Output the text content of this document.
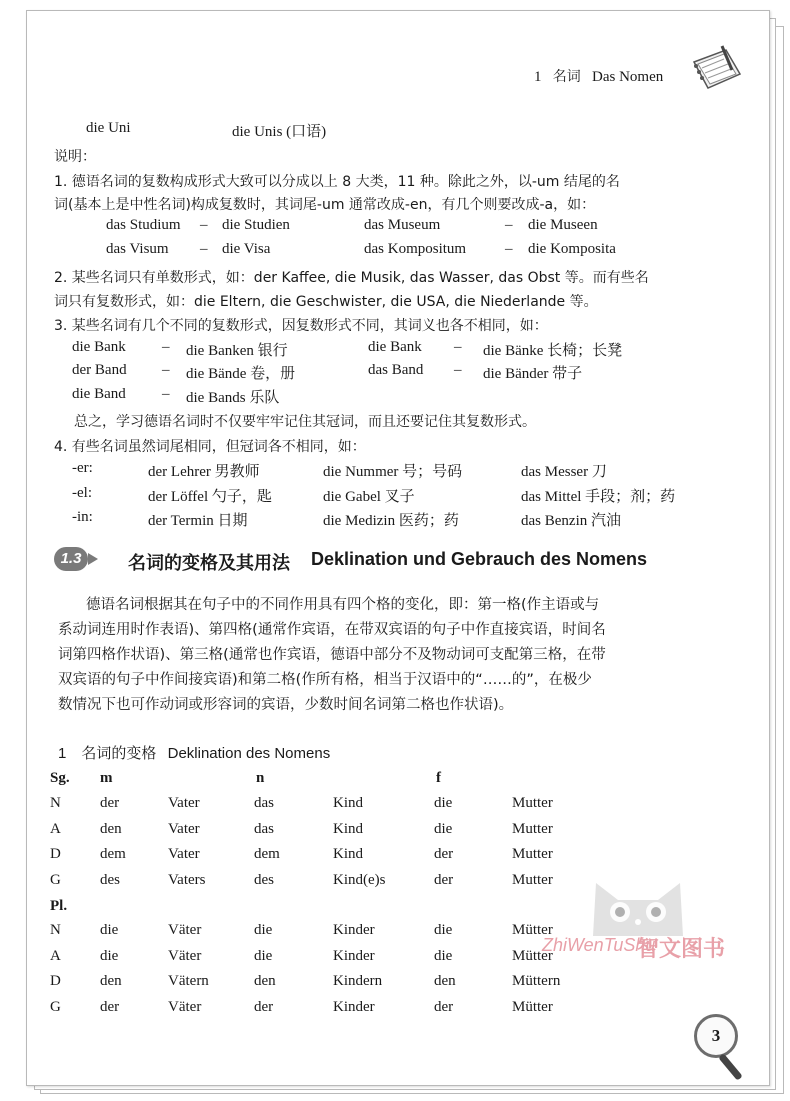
1 名词 Das Nomen
die Uni	die Unis (口语)
说明：
1. 德语名词的复数构成形式大致可以分成以上 8 大类，11 种。除此之外，以-um 结尾的名
词(基本上是中性名词)构成复数时，其词尾-um 通常改成-en，有几个则要改成-a，如：
das Studium – die Studien	das Museum	– die Museen
das Visum – die Visa	das Kompositum	– die Komposita
2. 某些名词只有单数形式，如：der Kaffee, die Musik, das Wasser, das Obst 等。而有些名
词只有复数形式，如：die Eltern, die Geschwister, die USA, die Niederlande 等。
3. 某些名词有几个不同的复数形式，因复数形式不同，其词义也各不相同，如：
die Bank – die Banken 银行	die Bank – die Bänke 长椅；长凳
der Band – die Bände 卷，册	das Band – die Bänder 带子
die Band – die Bands 乐队
总之，学习德语名词时不仅要牢牢记住其冠词，而且还要记住其复数形式。
4. 有些名词虽然词尾相同，但冠词各不相同，如：
-er:	der Lehrer 男教师	die Nummer 号；号码	das Messer 刀
-el:	der Löffel 勺子，匙	die Gabel 叉子	das Mittel 手段；剂；药
-in:	der Termin 日期	die Medizin 医药；药	das Benzin 汽油
1.3	名词的变格及其用法 Deklination und Gebrauch des Nomens
德语名词根据其在句子中的不同作用具有四个格的变化，即：第一格(作主语或与
系动词连用时作表语)、第四格(通常作宾语，在带双宾语的句子中作直接宾语，时间名
词第四格作状语)、第三格(通常也作宾语，德语中部分不及物动词可支配第三格，在带
双宾语的句子中作间接宾语)和第二格(作所有格，相当于汉语中的“……的”，在极少
数情况下也可作动词或形容词的宾语，少数时间名词第二格也作状语)。
1 名词的变格 Deklination des Nomens
Sg. m	n	f
N	der	Vater	das	Kind	die	Mutter
A	den	Vater	das	Kind	die	Mutter
D	dem	Vater	dem	Kind	der	Mutter
G	des	Vaters	des	Kind(e)s	der	Mutter
Pl.
N	die	Väter	die	Kinder	die	Mütter
A	die	Väter	die	Kinder	die	Mütter
D	den	Vätern	den	Kindern	den	Müttern
G	der	Väter	der	Kinder	der	Mütter
ZhiWenTuShu
智文图书
3
